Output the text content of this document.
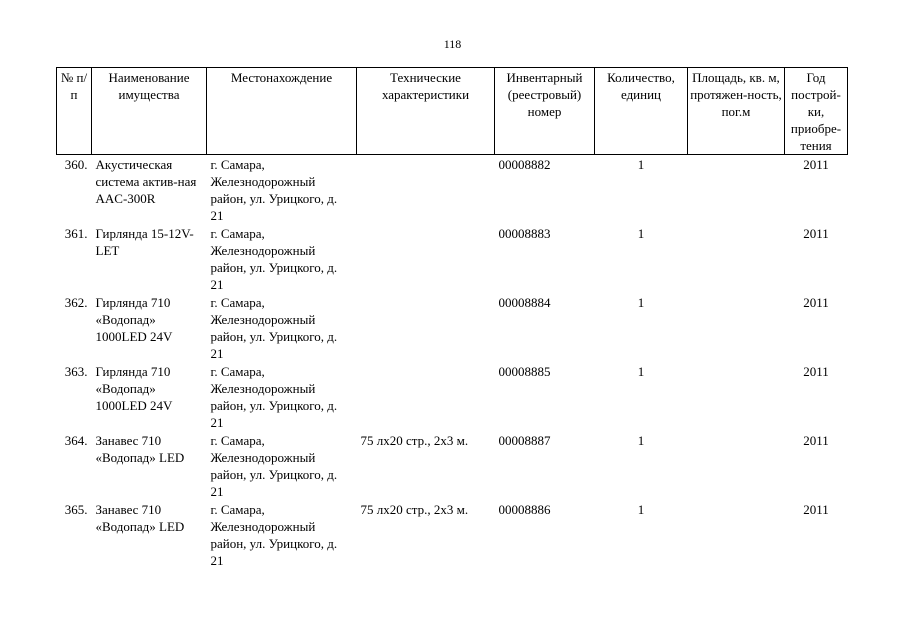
118
№ п/п	Наименование имущества	Местонахождение	Технические характеристики	Инвентарный (реестровый) номер	Количество, единиц	Площадь, кв. м, протяжен-ность, пог.м	Год построй-ки, приобре-тения
360.	Акустическая система актив-ная AAC-300R	г. Самара, Железнодорожный район, ул. Урицкого, д. 21		00008882	1		2011
361.	Гирлянда 15-12V-LET	г. Самара, Железнодорожный район, ул. Урицкого, д. 21		00008883	1		2011
362.	Гирлянда 710 «Водопад» 1000LED 24V	г. Самара, Железнодорожный район, ул. Урицкого, д. 21		00008884	1		2011
363.	Гирлянда 710 «Водопад» 1000LED 24V	г. Самара, Железнодорожный район, ул. Урицкого, д. 21		00008885	1		2011
364.	Занавес 710 «Водопад» LED	г. Самара, Железнодорожный район, ул. Урицкого, д. 21	75 лх20 стр., 2х3 м.	00008887	1		2011
365.	Занавес 710 «Водопад» LED	г. Самара, Железнодорожный район, ул. Урицкого, д. 21	75 лх20 стр., 2х3 м.	00008886	1		2011
